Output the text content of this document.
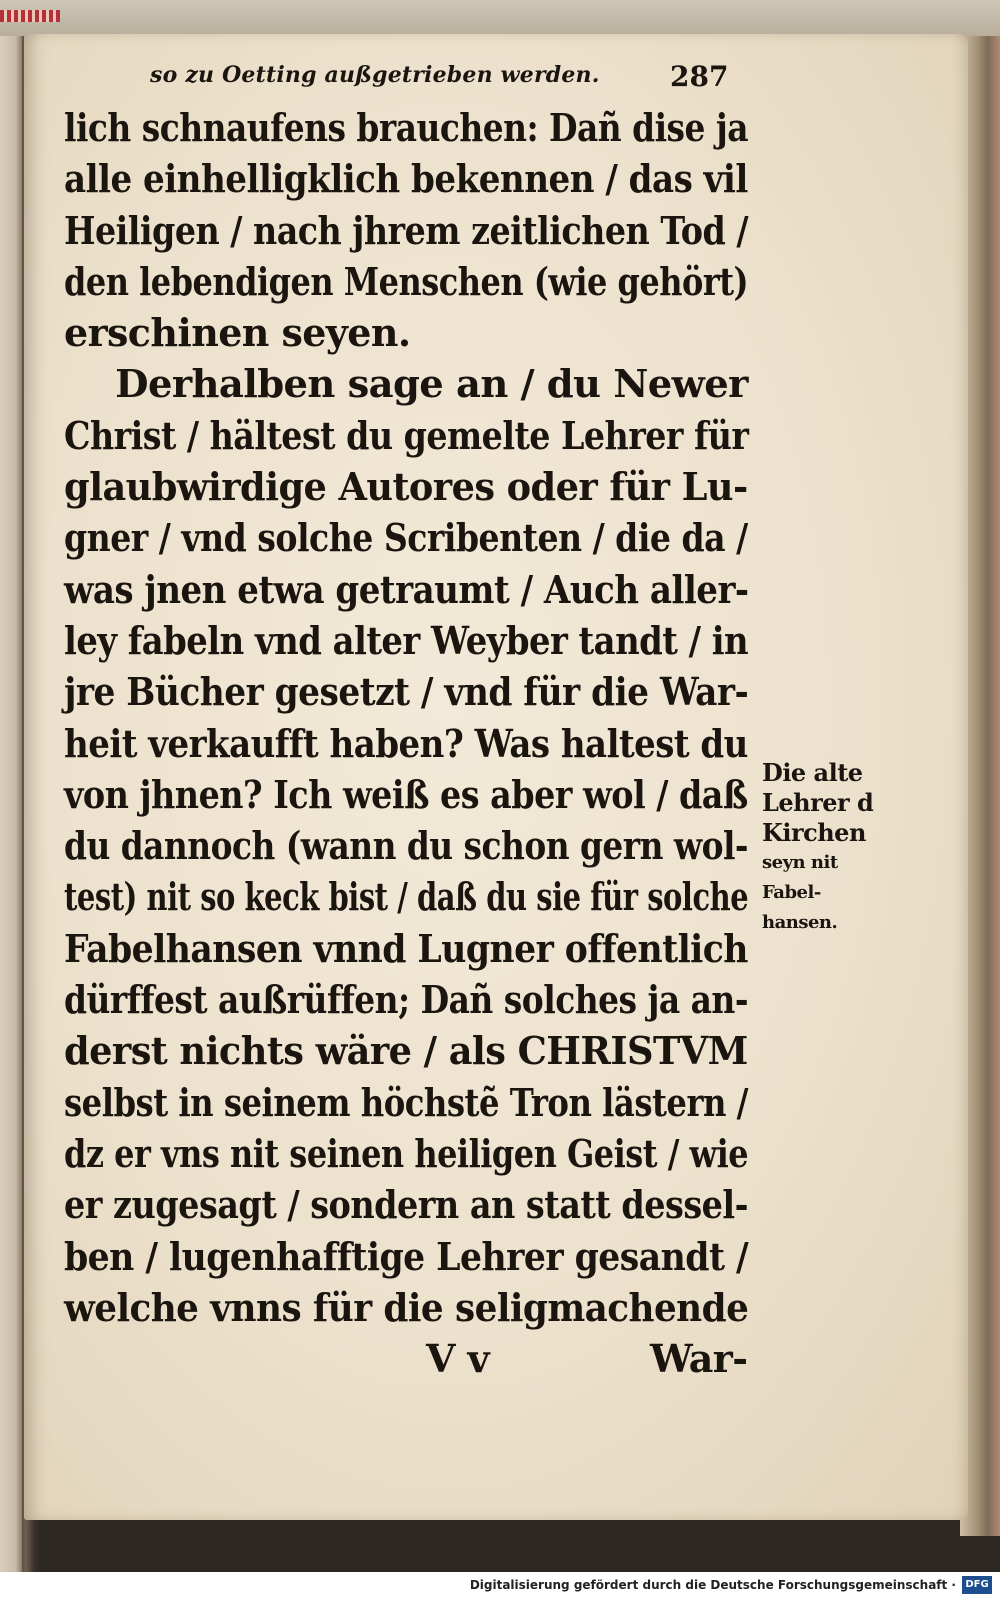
so zu Oetting außgetrieben werden.	287
lich schnaufens brauchen: Dañ dise ja
alle einhelligklich bekennen / das vil
Heiligen / nach jhrem zeitlichen Tod /
den lebendigen Menschen (wie gehört)
erschinen seyen.
Derhalben sage an / du Newer
Christ / hältest du gemelte Lehrer für
glaubwirdige Autores oder für Lu-
gner / vnd solche Scribenten / die da /
was jnen etwa getraumt / Auch aller-
ley fabeln vnd alter Weyber tandt / in
jre Bücher gesetzt / vnd für die War-
heit verkaufft haben? Was haltest du
von jhnen? Ich weiß es aber wol / daß
du dannoch (wann du schon gern wol-
test) nit so keck bist / daß du sie für solche
Fabelhansen vnnd Lugner offentlich
dürffest außrüffen; Dañ solches ja an-
derst nichts wäre / als CHRISTVM
selbst in seinem höchstẽ Tron lästern /
dz er vns nit seinen heiligen Geist / wie
er zugesagt / sondern an statt dessel-
ben / lugenhafftige Lehrer gesandt /
welche vnns für die seligmachende
V v	War-
Die alte
Lehrer d
Kirchen
seyn nit
Fabel-
hansen.
Digitalisierung gefördert durch die Deutsche Forschungsgemeinschaft · DFG
